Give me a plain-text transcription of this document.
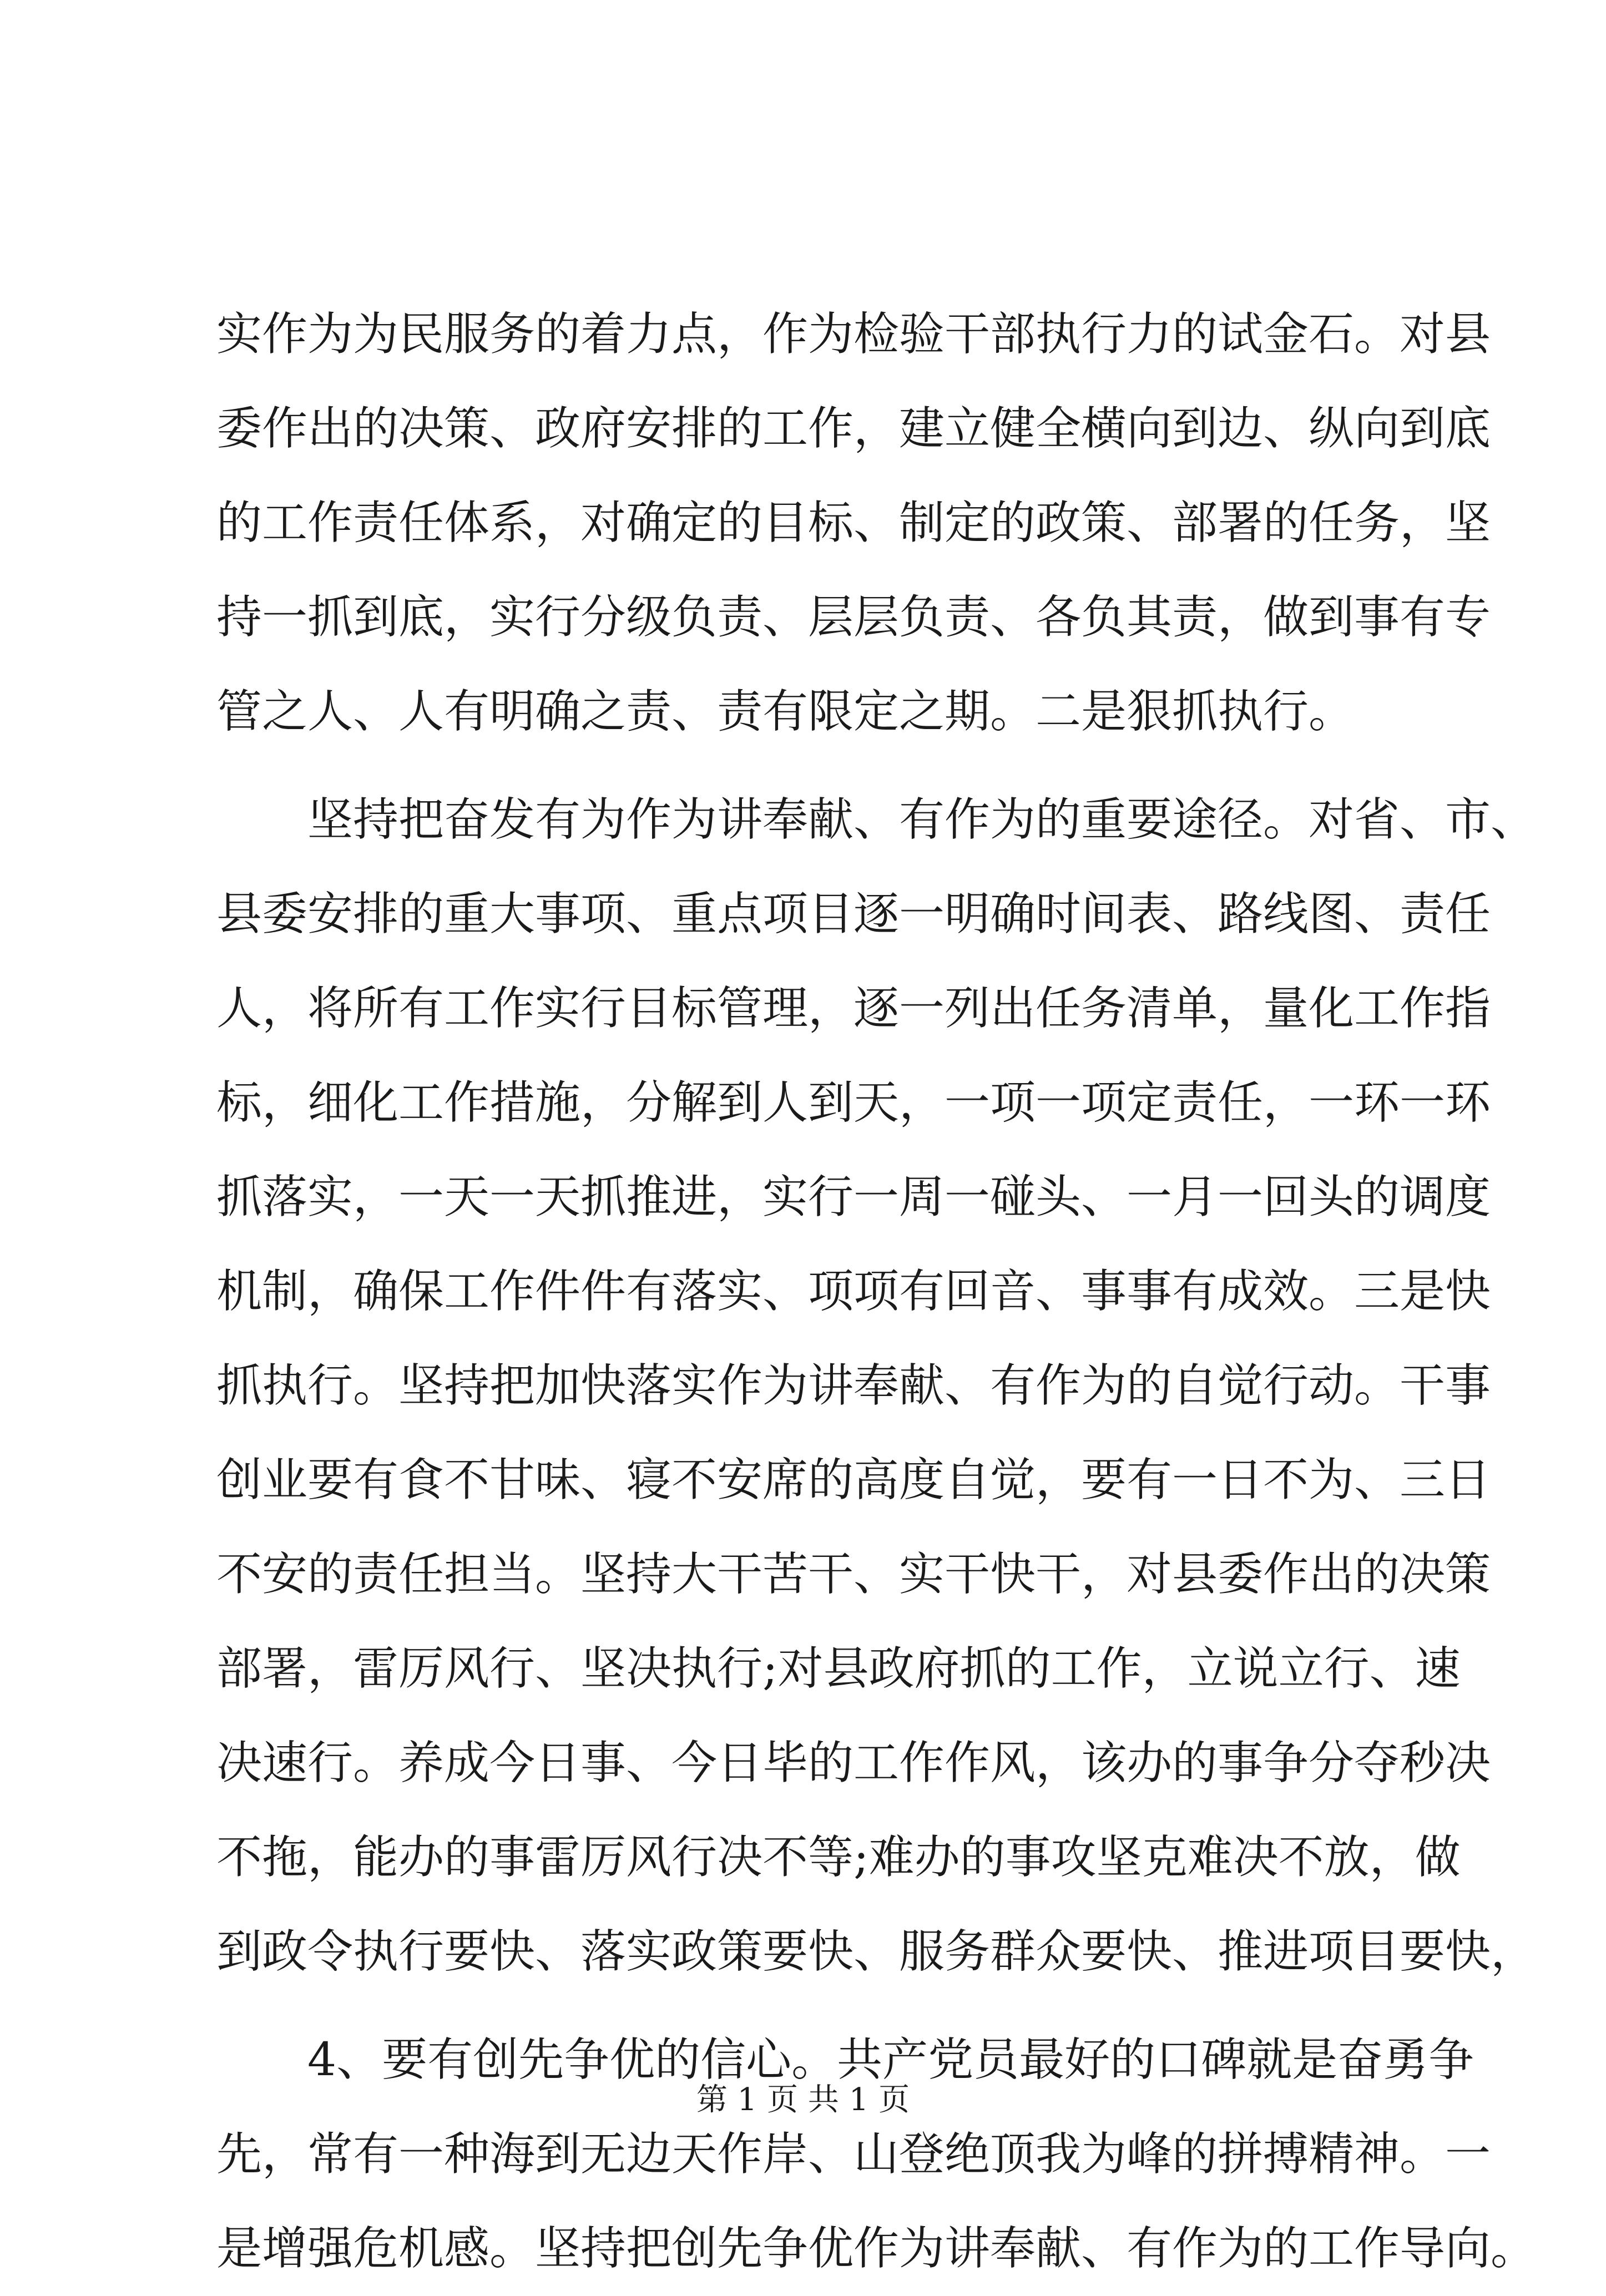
实作为为民服务的着力点，作为检验干部执行力的试金石。对县
委作出的决策、政府安排的工作，建立健全横向到边、纵向到底
的工作责任体系，对确定的目标、制定的政策、部署的任务，坚
持一抓到底，实行分级负责、层层负责、各负其责，做到事有专
管之人、人有明确之责、责有限定之期。二是狠抓执行。
坚持把奋发有为作为讲奉献、有作为的重要途径。对省、市、
县委安排的重大事项、重点项目逐一明确时间表、路线图、责任
人，将所有工作实行目标管理，逐一列出任务清单，量化工作指
标，细化工作措施，分解到人到天，一项一项定责任，一环一环
抓落实，一天一天抓推进，实行一周一碰头、一月一回头的调度
机制，确保工作件件有落实、项项有回音、事事有成效。三是快
抓执行。坚持把加快落实作为讲奉献、有作为的自觉行动。干事
创业要有食不甘味、寝不安席的高度自觉，要有一日不为、三日
不安的责任担当。坚持大干苦干、实干快干，对县委作出的决策
部署，雷厉风行、坚决执行;对县政府抓的工作，立说立行、速
决速行。养成今日事、今日毕的工作作风，该办的事争分夺秒决
不拖，能办的事雷厉风行决不等;难办的事攻坚克难决不放，做
到政令执行要快、落实政策要快、服务群众要快、推进项目要快，
4、要有创先争优的信心。共产党员最好的口碑就是奋勇争
先，常有一种海到无边天作岸、山登绝顶我为峰的拼搏精神。一
是增强危机感。坚持把创先争优作为讲奉献、有作为的工作导向。
第 1 页 共 1 页
